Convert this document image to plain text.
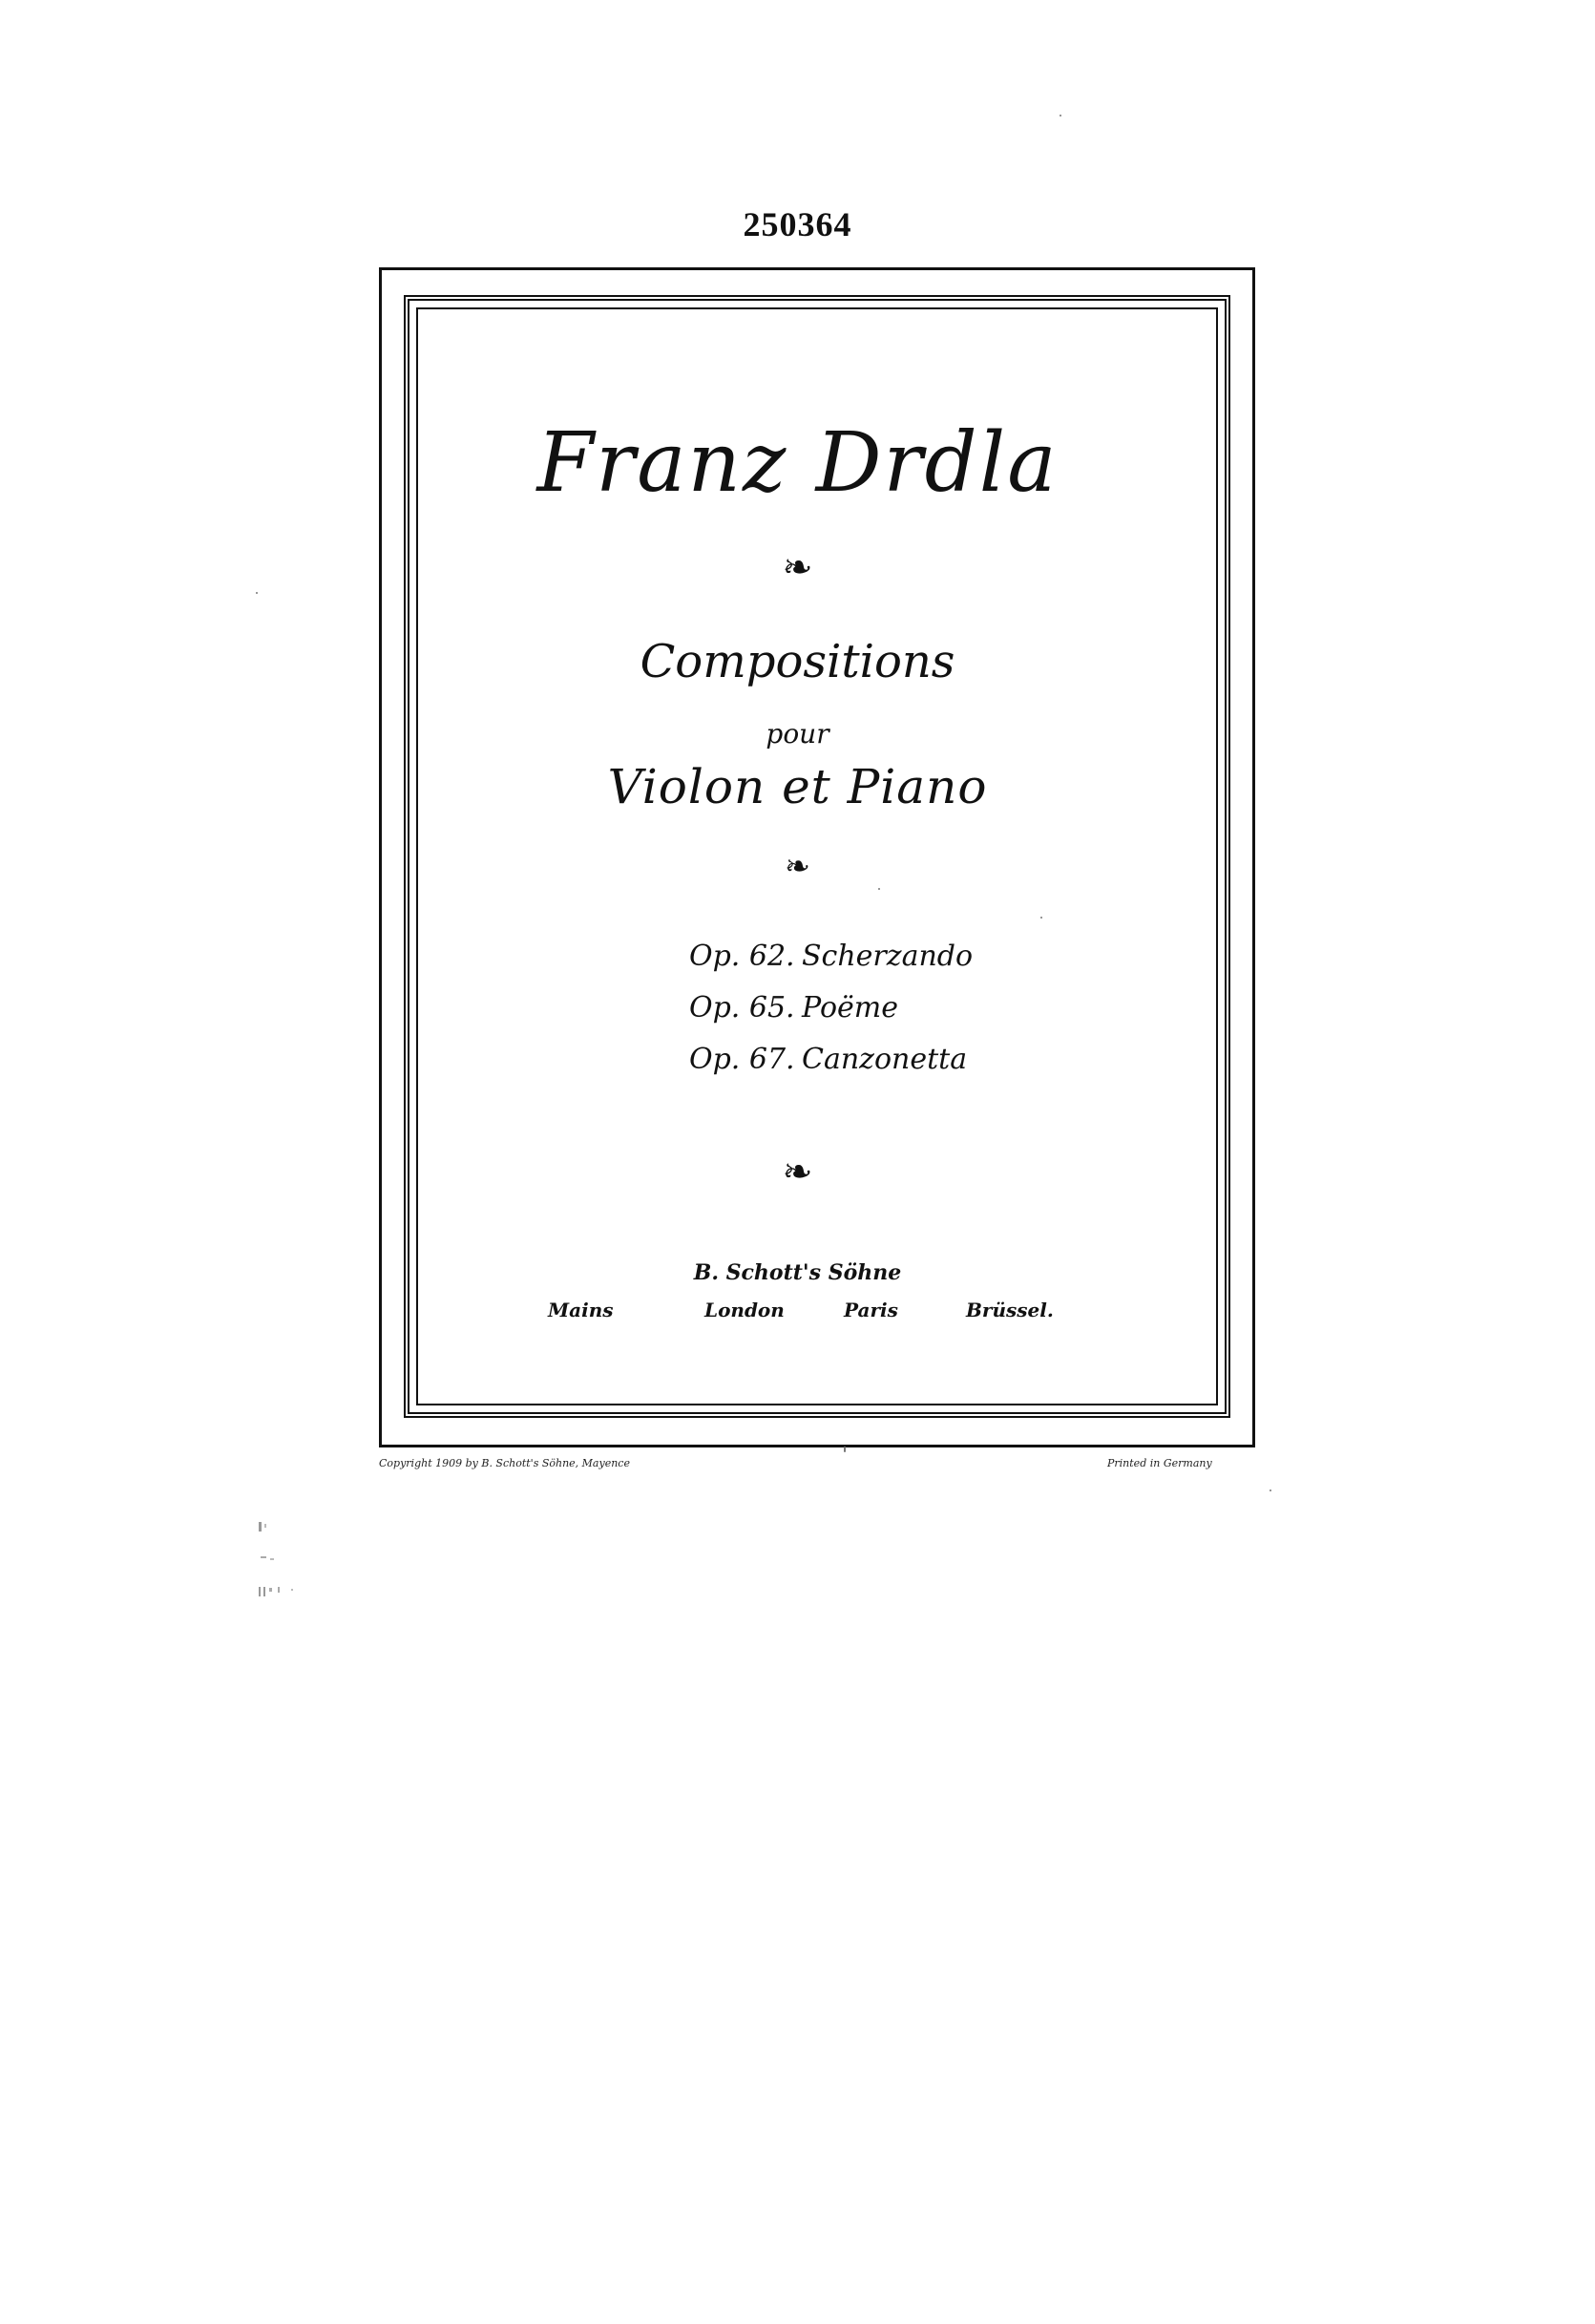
250364
Franz Drdla
❧
Compositions
pour
Violon et Piano
❧
Op. 62. Scherzando
Op. 65. Poëme
Op. 67. Canzonetta
❧
B. Schott's Söhne
Mains	London	Paris	Brüssel.
Copyright 1909 by B. Schott's Söhne, Mayence	Printed in Germany
